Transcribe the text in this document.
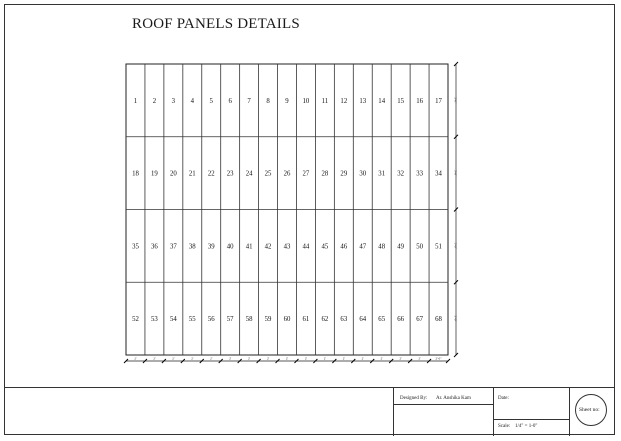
ROOF PANELS DETAILS
1 2 3 4 5 6 7 8 9 10 11 12 13 14 15 16 17
18 19 20 21 22 23 24 25 26 27 28 29 30 31 32 33 34
35 36 37 38 39 40 41 42 43 44 45 46 47 48 49 50 51
52 53 54 55 56 57 58 59 60 61 62 63 64 65 66 67 68
2'	2'	2'	2'	2'	2'	2'	2'	2'	2'	2'	2'	2'	2'	2'	2'	2'-0"
5'-0"
5'-0"
5'-0"
5'-0"
Designed By: Ar. Anshika Kam	Date:
Scale: 1/4" = 1-0"
Sheet no:
